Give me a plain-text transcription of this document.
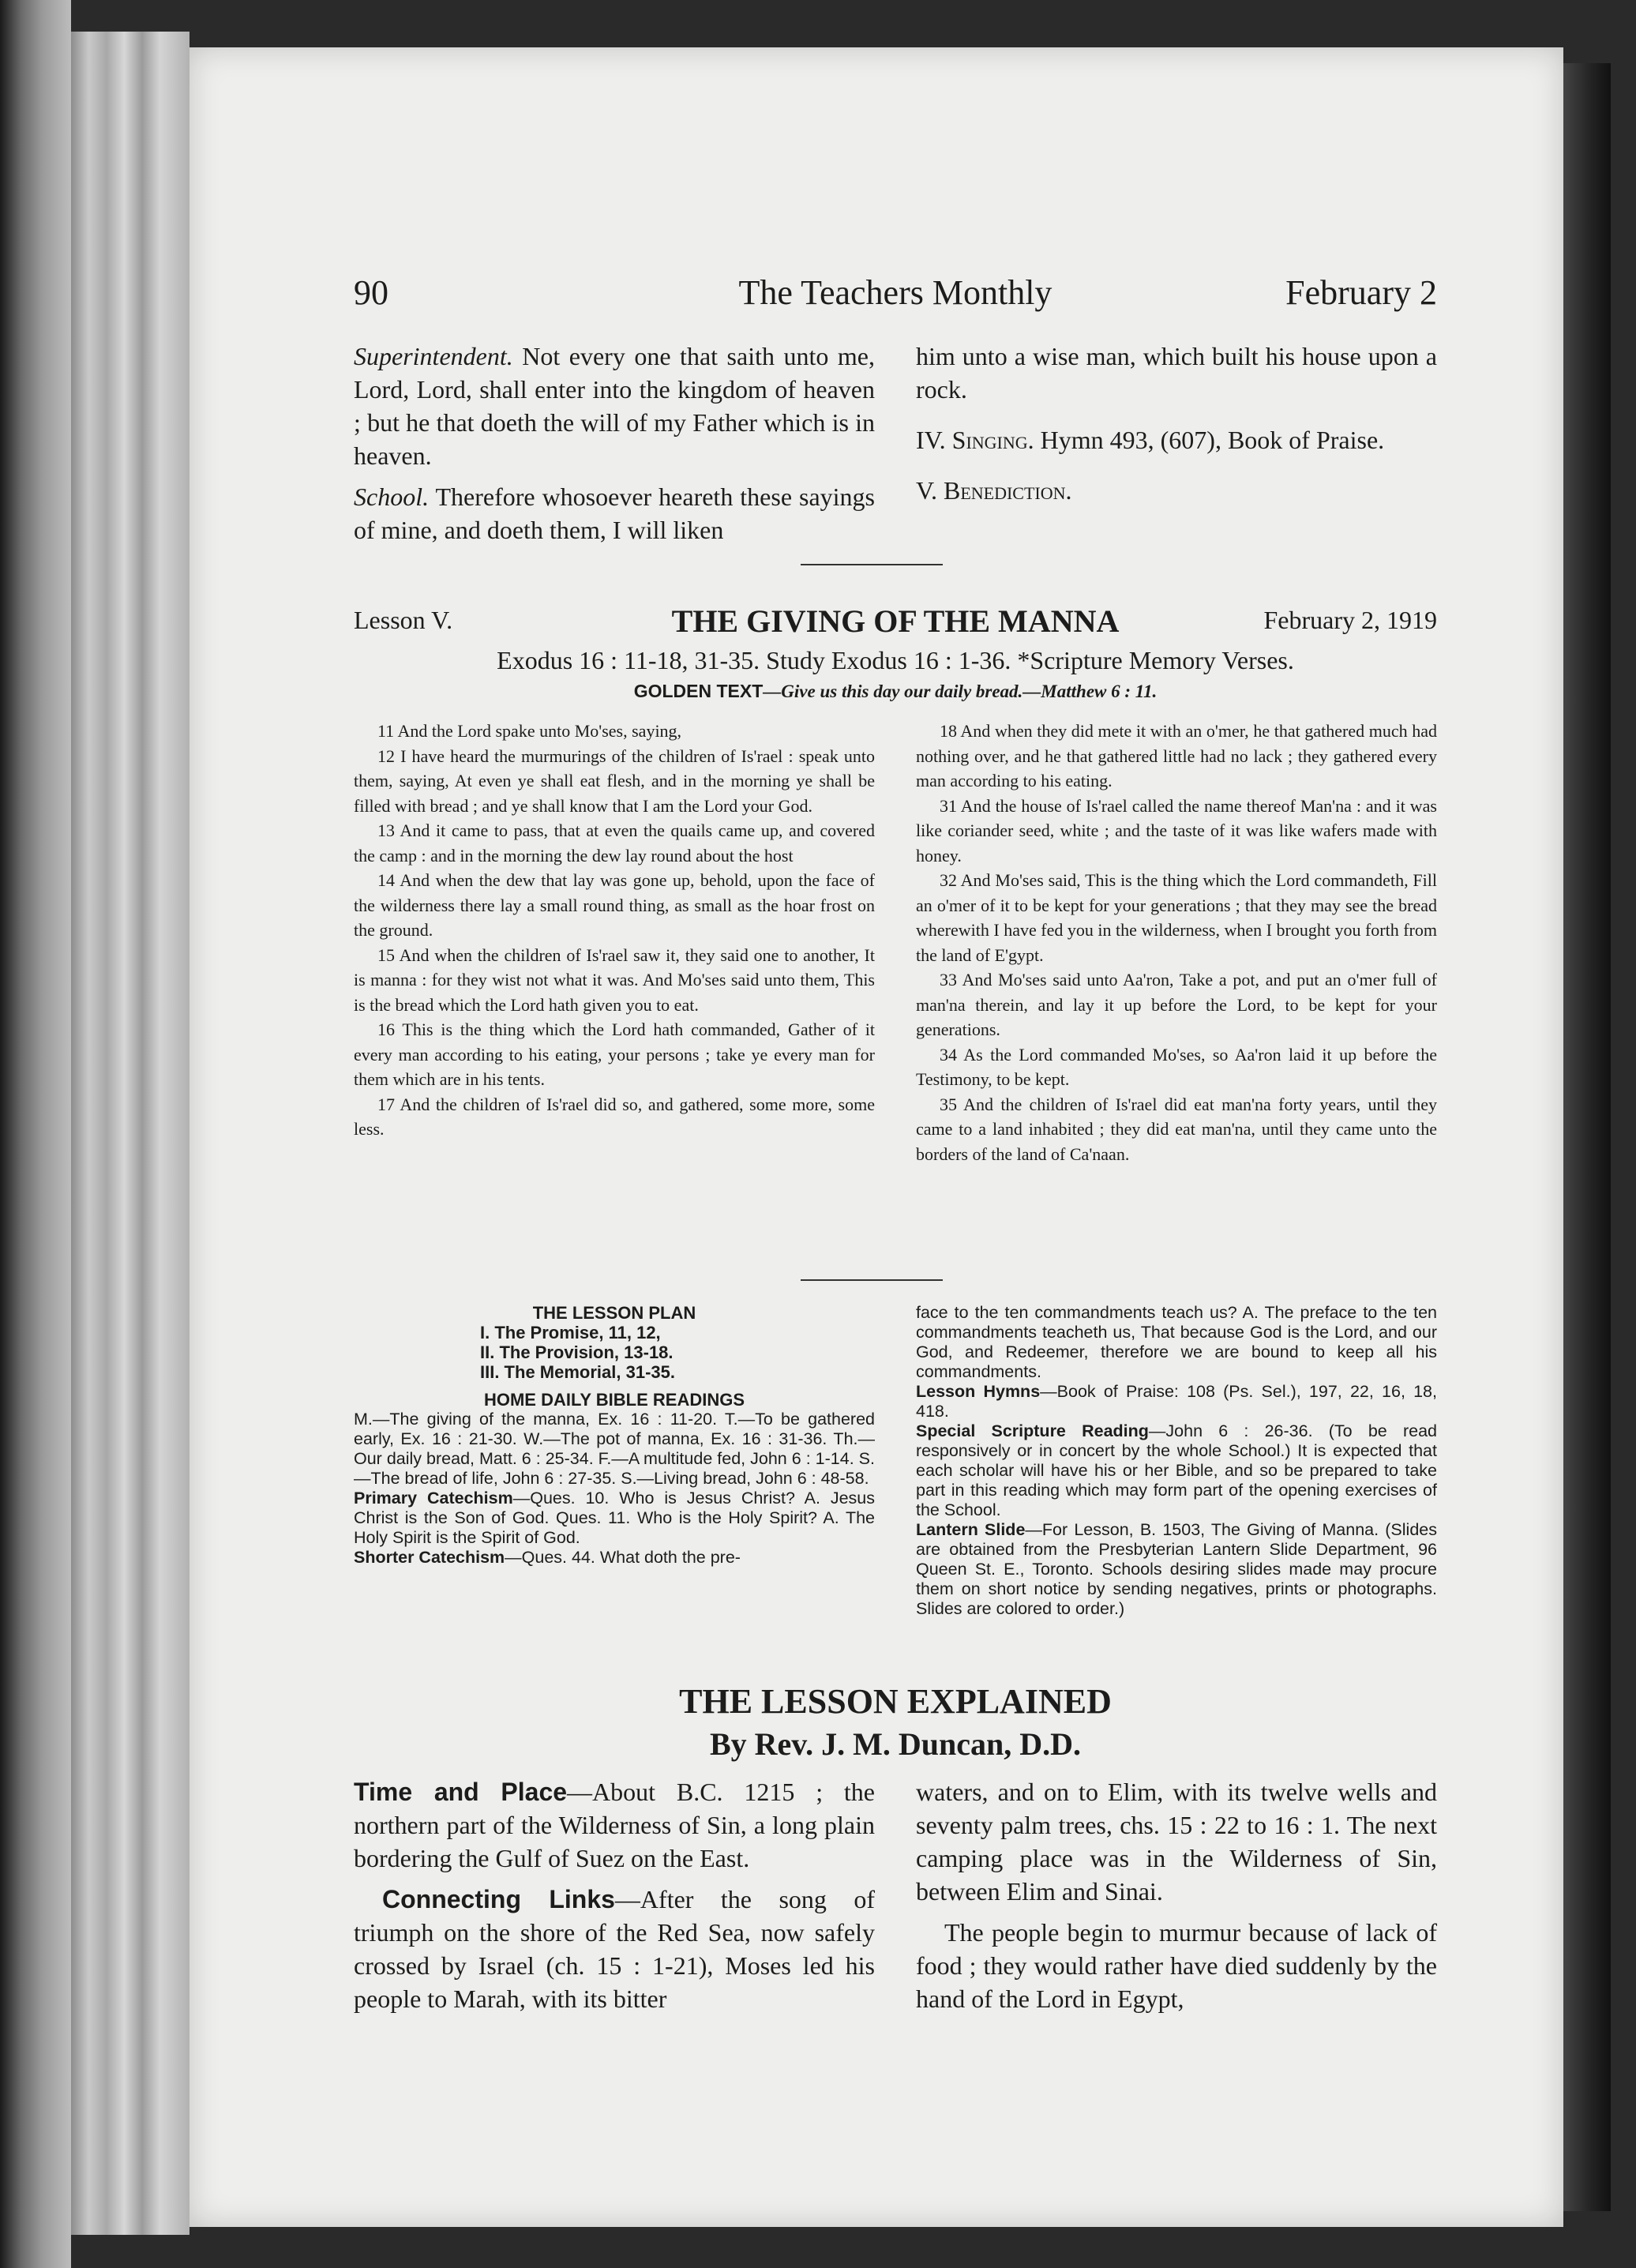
90	The Teachers Monthly	February 2

Superintendent. Not every one that saith unto me, Lord, Lord, shall enter into the kingdom of heaven ; but he that doeth the will of my Father which is in heaven.

School. Therefore whosoever heareth these sayings of mine, and doeth them, I will liken

him unto a wise man, which built his house upon a rock.

IV. Singing. Hymn 493, (607), Book of Praise.

V. Benediction.

Lesson V.	THE GIVING OF THE MANNA	February 2, 1919
Exodus 16 : 11-18, 31-35. Study Exodus 16 : 1-36. *Scripture Memory Verses.
GOLDEN TEXT—Give us this day our daily bread.—Matthew 6 : 11.

11 And the Lord spake unto Mo'ses, saying,

12 I have heard the murmurings of the children of Is'rael : speak unto them, saying, At even ye shall eat flesh, and in the morning ye shall be filled with bread ; and ye shall know that I am the Lord your God.

13 And it came to pass, that at even the quails came up, and covered the camp : and in the morning the dew lay round about the host

14 And when the dew that lay was gone up, behold, upon the face of the wilderness there lay a small round thing, as small as the hoar frost on the ground.

15 And when the children of Is'rael saw it, they said one to another, It is manna : for they wist not what it was. And Mo'ses said unto them, This is the bread which the Lord hath given you to eat.

16 This is the thing which the Lord hath commanded, Gather of it every man according to his eating, your persons ; take ye every man for them which are in his tents.

17 And the children of Is'rael did so, and gathered, some more, some less.

18 And when they did mete it with an o'mer, he that gathered much had nothing over, and he that gathered little had no lack ; they gathered every man according to his eating.

31 And the house of Is'rael called the name thereof Man'na : and it was like coriander seed, white ; and the taste of it was like wafers made with honey.

32 And Mo'ses said, This is the thing which the Lord commandeth, Fill an o'mer of it to be kept for your generations ; that they may see the bread wherewith I have fed you in the wilderness, when I brought you forth from the land of E'gypt.

33 And Mo'ses said unto Aa'ron, Take a pot, and put an o'mer full of man'na therein, and lay it up before the Lord, to be kept for your generations.

34 As the Lord commanded Mo'ses, so Aa'ron laid it up before the Testimony, to be kept.

35 And the children of Is'rael did eat man'na forty years, until they came to a land inhabited ; they did eat man'na, until they came unto the borders of the land of Ca'naan.

THE LESSON PLAN
I. The Promise, 11, 12,
II. The Provision, 13-18.
III. The Memorial, 31-35.
HOME DAILY BIBLE READINGS

M.—The giving of the manna, Ex. 16 : 11-20. T.—To be gathered early, Ex. 16 : 21-30. W.—The pot of manna, Ex. 16 : 31-36. Th.—Our daily bread, Matt. 6 : 25-34. F.—A multitude fed, John 6 : 1-14. S.—The bread of life, John 6 : 27-35. S.—Living bread, John 6 : 48-58.

Primary Catechism—Ques. 10. Who is Jesus Christ? A. Jesus Christ is the Son of God. Ques. 11. Who is the Holy Spirit? A. The Holy Spirit is the Spirit of God.

Shorter Catechism—Ques. 44. What doth the pre-

face to the ten commandments teach us? A. The preface to the ten commandments teacheth us, That because God is the Lord, and our God, and Redeemer, therefore we are bound to keep all his commandments.

Lesson Hymns—Book of Praise: 108 (Ps. Sel.), 197, 22, 16, 18, 418.

Special Scripture Reading—John 6 : 26-36. (To be read responsively or in concert by the whole School.) It is expected that each scholar will have his or her Bible, and so be prepared to take part in this reading which may form part of the opening exercises of the School.

Lantern Slide—For Lesson, B. 1503, The Giving of Manna. (Slides are obtained from the Presbyterian Lantern Slide Department, 96 Queen St. E., Toronto. Schools desiring slides made may procure them on short notice by sending negatives, prints or photographs. Slides are colored to order.)

THE LESSON EXPLAINED
By Rev. J. M. Duncan, D.D.

Time and Place—About B.C. 1215 ; the northern part of the Wilderness of Sin, a long plain bordering the Gulf of Suez on the East.

Connecting Links—After the song of triumph on the shore of the Red Sea, now safely crossed by Israel (ch. 15 : 1-21), Moses led his people to Marah, with its bitter

waters, and on to Elim, with its twelve wells and seventy palm trees, chs. 15 : 22 to 16 : 1. The next camping place was in the Wilderness of Sin, between Elim and Sinai.

The people begin to murmur because of lack of food ; they would rather have died suddenly by the hand of the Lord in Egypt,
